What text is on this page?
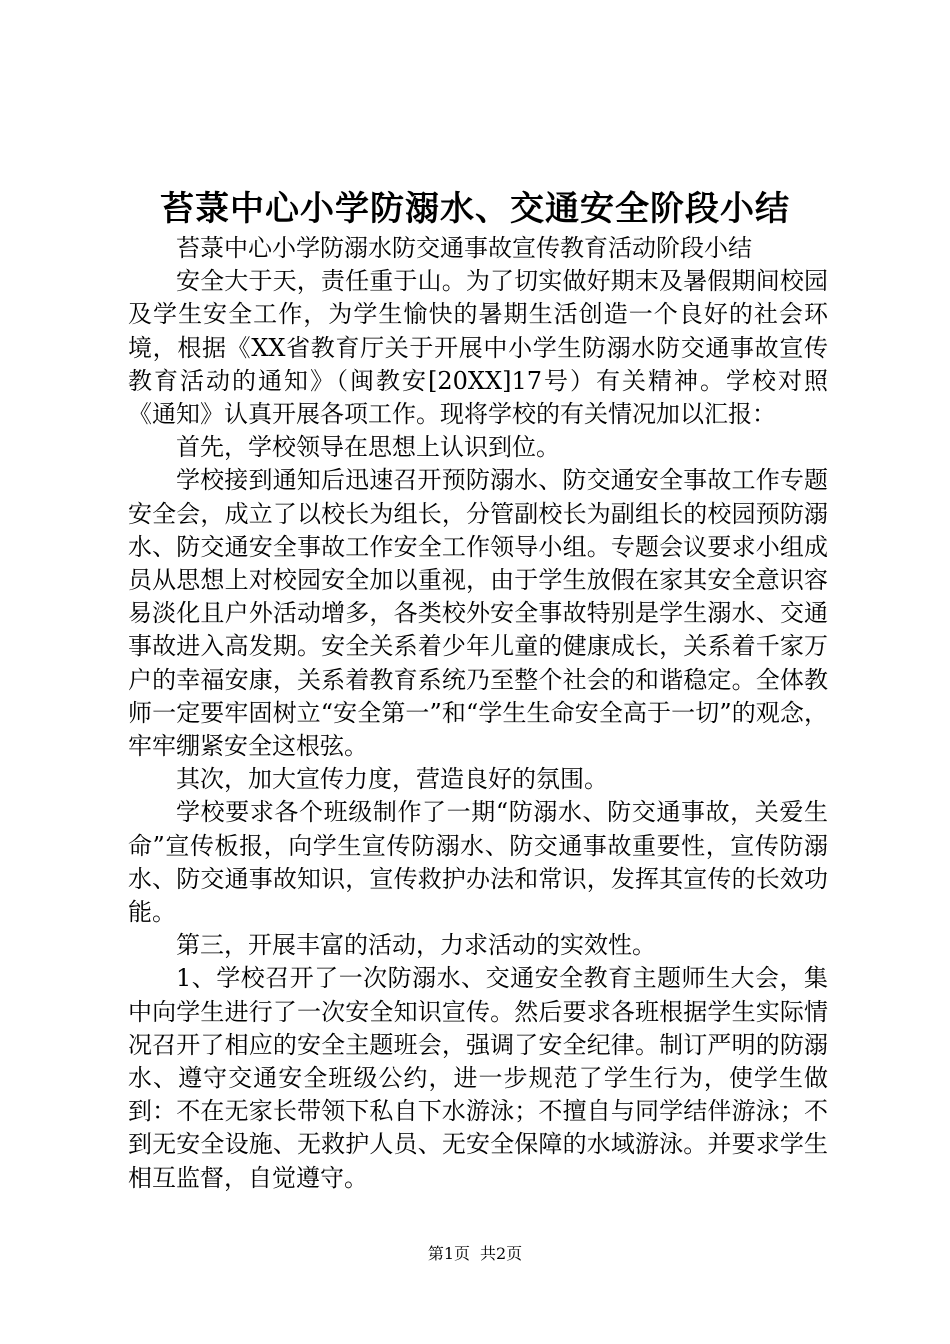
苔菉中心小学防溺水、交通安全阶段小结

苔菉中心小学防溺水防交通事故宣传教育活动阶段小结

安全大于天，责任重于山。为了切实做好期末及暑假期间校园及学生安全工作，为学生愉快的暑期生活创造一个良好的社会环境，根据《XX省教育厅关于开展中小学生防溺水防交通事故宣传教育活动的通知》（闽教安[20XX]17号）有关精神。学校对照《通知》认真开展各项工作。现将学校的有关情况加以汇报：

首先，学校领导在思想上认识到位。

学校接到通知后迅速召开预防溺水、防交通安全事故工作专题安全会，成立了以校长为组长，分管副校长为副组长的校园预防溺水、防交通安全事故工作安全工作领导小组。专题会议要求小组成员从思想上对校园安全加以重视，由于学生放假在家其安全意识容易淡化且户外活动增多，各类校外安全事故特别是学生溺水、交通事故进入高发期。安全关系着少年儿童的健康成长，关系着千家万户的幸福安康，关系着教育系统乃至整个社会的和谐稳定。全体教师一定要牢固树立“安全第一”和“学生生命安全高于一切”的观念，牢牢绷紧安全这根弦。

其次，加大宣传力度，营造良好的氛围。

学校要求各个班级制作了一期“防溺水、防交通事故，关爱生命”宣传板报，向学生宣传防溺水、防交通事故重要性，宣传防溺水、防交通事故知识，宣传救护办法和常识，发挥其宣传的长效功能。

第三，开展丰富的活动，力求活动的实效性。

1、学校召开了一次防溺水、交通安全教育主题师生大会，集中向学生进行了一次安全知识宣传。然后要求各班根据学生实际情况召开了相应的安全主题班会，强调了安全纪律。制订严明的防溺水、遵守交通安全班级公约，进一步规范了学生行为，使学生做到：不在无家长带领下私自下水游泳；不擅自与同学结伴游泳；不到无安全设施、无救护人员、无安全保障的水域游泳。并要求学生相互监督，自觉遵守。

第1页 共2页
